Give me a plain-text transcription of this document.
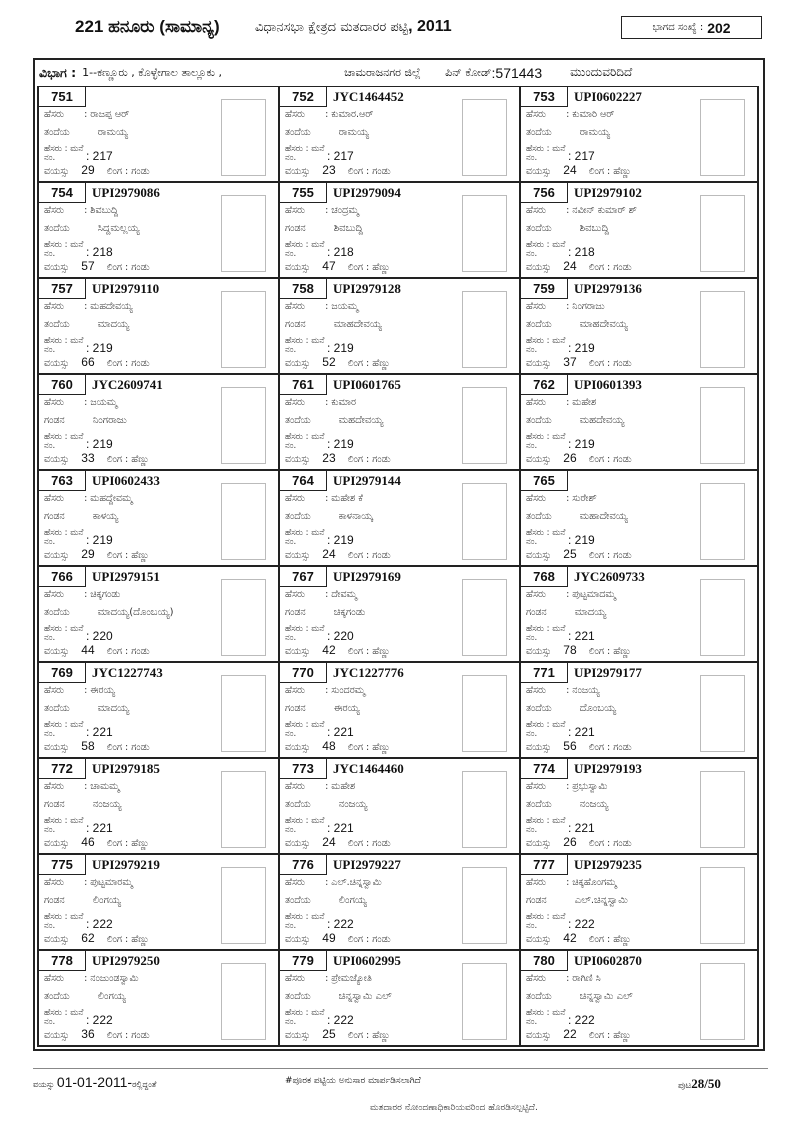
221 ಹನೂರು (ಸಾಮಾನ್ಯ)	ವಿಧಾನಸಭಾ ಕ್ಷೇತ್ರದ ಮತದಾರರ ಪಟ್ಟಿ, 2011	ಭಾಗದ ಸಂಖ್ಯೆ : 202
ವಿಭಾಗ : 1--ಕಣ್ಣೂರು , ಕೊಳ್ಳೇಗಾಲ ತಾಲ್ಲೂಕು ,	ಚಾಮರಾಜನಗರ ಜಿಲ್ಲೆ	ಪಿನ್ ಕೋಡ್ :571443 ಮುಂದುವರಿದಿದೆ
751
ಹೆಸರು : ರಾಜಪ್ಪ ಆರ್
ತಂದೆಯ	ರಾಮಯ್ಯ
ಹೆಸರು : ಮನೆ ನಂ.	: 217
ವಯಸ್ಸು 29 ಲಿಂಗ : ಗಂಡು
752	JYC1464452
ಹೆಸರು : ಕುಮಾರ.ಆರ್
ತಂದೆಯ	ರಾಮಯ್ಯ
ಹೆಸರು : ಮನೆ ನಂ.	: 217
ವಯಸ್ಸು 23 ಲಿಂಗ : ಗಂಡು
753	UPI0602227
ಹೆಸರು : ಕುಮಾರಿ ಆರ್
ತಂದೆಯ	ರಾಮಯ್ಯ
ಹೆಸರು : ಮನೆ ನಂ.	: 217
ವಯಸ್ಸು 24 ಲಿಂಗ : ಹೆಣ್ಣು
754	UPI2979086
ಹೆಸರು : ಶಿವಬುದ್ದಿ
ತಂದೆಯ	ಸಿದ್ದಮಲ್ಲಯ್ಯ
ಹೆಸರು : ಮನೆ ನಂ.	: 218
ವಯಸ್ಸು 57 ಲಿಂಗ : ಗಂಡು
755	UPI2979094
ಹೆಸರು : ಚಂದ್ರಮ್ಮ
ಗಂಡನ	ಶಿವಬುದ್ದಿ
ಹೆಸರು : ಮನೆ ನಂ.	: 218
ವಯಸ್ಸು 47 ಲಿಂಗ : ಹೆಣ್ಣು
756	UPI2979102
ಹೆಸರು : ನವೀನ್ ಕುಮಾರ್ ಶ್
ತಂದೆಯ	ಶಿವಬುದ್ದಿ
ಹೆಸರು : ಮನೆ ನಂ.	: 218
ವಯಸ್ಸು 24 ಲಿಂಗ : ಗಂಡು
757	UPI2979110
ಹೆಸರು : ಮಹದೇವಯ್ಯ
ತಂದೆಯ	ಮಾದಯ್ಯ
ಹೆಸರು : ಮನೆ ನಂ.	: 219
ವಯಸ್ಸು 66 ಲಿಂಗ : ಗಂಡು
758	UPI2979128
ಹೆಸರು : ಜಯಮ್ಮ
ಗಂಡನ	ಮಾಹದೇವಯ್ಯ
ಹೆಸರು : ಮನೆ ನಂ.	: 219
ವಯಸ್ಸು 52 ಲಿಂಗ : ಹೆಣ್ಣು
759	UPI2979136
ಹೆಸರು : ನಿಂಗರಾಜು
ತಂದೆಯ	ಮಾಹದೇವಯ್ಯ
ಹೆಸರು : ಮನೆ ನಂ.	: 219
ವಯಸ್ಸು 37 ಲಿಂಗ : ಗಂಡು
760	JYC2609741
ಹೆಸರು : ಜಯಮ್ಮ
ಗಂಡನ	ನಿಂಗರಾಜು
ಹೆಸರು : ಮನೆ ನಂ.	: 219
ವಯಸ್ಸು 33 ಲಿಂಗ : ಹೆಣ್ಣು
761	UPI0601765
ಹೆಸರು : ಕುಮಾರ
ತಂದೆಯ	ಮಹದೇವಯ್ಯ
ಹೆಸರು : ಮನೆ ನಂ.	: 219
ವಯಸ್ಸು 23 ಲಿಂಗ : ಗಂಡು
762	UPI0601393
ಹೆಸರು : ಮಹೇಶ
ತಂದೆಯ	ಮಹದೇವಯ್ಯ
ಹೆಸರು : ಮನೆ ನಂ.	: 219
ವಯಸ್ಸು 26 ಲಿಂಗ : ಗಂಡು
763	UPI0602433
ಹೆಸರು : ಮಹದ್ದೇವಮ್ಮ
ಗಂಡನ	ಕಾಳಯ್ಯ
ಹೆಸರು : ಮನೆ ನಂ.	: 219
ವಯಸ್ಸು 29 ಲಿಂಗ : ಹೆಣ್ಣು
764	UPI2979144
ಹೆಸರು : ಮಹೇಶ ಕೆ
ತಂದೆಯ	ಕಾಳನಾಯ್ಕ
ಹೆಸರು : ಮನೆ ನಂ.	: 219
ವಯಸ್ಸು 24 ಲಿಂಗ : ಗಂಡು
765
ಹೆಸರು : ಸುರೇಶ್
ತಂದೆಯ	ಮಹಾದೇವಯ್ಯ
ಹೆಸರು : ಮನೆ ನಂ.	: 219
ವಯಸ್ಸು 25 ಲಿಂಗ : ಗಂಡು
766	UPI2979151
ಹೆಸರು : ಚಿಕ್ಕಗಂಡು
ತಂದೆಯ	ಮಾದಯ್ಯ(ದೊಂಬಯ್ಯ)
ಹೆಸರು : ಮನೆ ನಂ.	: 220
ವಯಸ್ಸು 44 ಲಿಂಗ : ಗಂಡು
767	UPI2979169
ಹೆಸರು : ದೇವಮ್ಮ
ಗಂಡನ	ಚಿಕ್ಕಗಂಡು
ಹೆಸರು : ಮನೆ ನಂ.	: 220
ವಯಸ್ಸು 42 ಲಿಂಗ : ಹೆಣ್ಣು
768	JYC2609733
ಹೆಸರು : ಪುಟ್ಟಮಾದಮ್ಮ
ಗಂಡನ	ಮಾದಯ್ಯ
ಹೆಸರು : ಮನೆ ನಂ.	: 221
ವಯಸ್ಸು 78 ಲಿಂಗ : ಹೆಣ್ಣು
769	JYC1227743
ಹೆಸರು : ಈರಯ್ಯ
ತಂದೆಯ	ಮಾದಯ್ಯ
ಹೆಸರು : ಮನೆ ನಂ.	: 221
ವಯಸ್ಸು 58 ಲಿಂಗ : ಗಂಡು
770	JYC1227776
ಹೆಸರು : ಸುಂದರಮ್ಮ
ಗಂಡನ	ಈರಯ್ಯ
ಹೆಸರು : ಮನೆ ನಂ.	: 221
ವಯಸ್ಸು 48 ಲಿಂಗ : ಹೆಣ್ಣು
771	UPI2979177
ಹೆಸರು : ನಂಜಯ್ಯ
ತಂದೆಯ	ದೊಂಬಯ್ಯ
ಹೆಸರು : ಮನೆ ನಂ.	: 221
ವಯಸ್ಸು 56 ಲಿಂಗ : ಗಂಡು
772	UPI2979185
ಹೆಸರು : ಚಾಮಮ್ಮ
ಗಂಡನ	ನಂಜಯ್ಯ
ಹೆಸರು : ಮನೆ ನಂ.	: 221
ವಯಸ್ಸು 46 ಲಿಂಗ : ಹೆಣ್ಣು
773	JYC1464460
ಹೆಸರು : ಮಹೇಶ
ತಂದೆಯ	ನಂಜಯ್ಯ
ಹೆಸರು : ಮನೆ ನಂ.	: 221
ವಯಸ್ಸು 24 ಲಿಂಗ : ಗಂಡು
774	UPI2979193
ಹೆಸರು : ಪ್ರಭುಸ್ವಾಮಿ
ತಂದೆಯ	ನಂಜಯ್ಯ
ಹೆಸರು : ಮನೆ ನಂ.	: 221
ವಯಸ್ಸು 26 ಲಿಂಗ : ಗಂಡು
775	UPI2979219
ಹೆಸರು : ಪುಟ್ಟಮಾರಮ್ಮ
ಗಂಡನ	ಲಿಂಗಯ್ಯ
ಹೆಸರು : ಮನೆ ನಂ.	: 222
ವಯಸ್ಸು 62 ಲಿಂಗ : ಹೆಣ್ಣು
776	UPI2979227
ಹೆಸರು : ಎಲ್.ಚಿನ್ನಸ್ವಾಮಿ
ತಂದೆಯ	ಲಿಂಗಯ್ಯ
ಹೆಸರು : ಮನೆ ನಂ.	: 222
ವಯಸ್ಸು 49 ಲಿಂಗ : ಗಂಡು
777	UPI2979235
ಹೆಸರು : ಚಿಕ್ಕಹೊಂಗಮ್ಮ
ಗಂಡನ	ಎಲ್.ಚಿನ್ನಸ್ವಾಮಿ
ಹೆಸರು : ಮನೆ ನಂ.	: 222
ವಯಸ್ಸು 42 ಲಿಂಗ : ಹೆಣ್ಣು
778	UPI2979250
ಹೆಸರು : ನಂಜುಂಡಸ್ವಾಮಿ
ತಂದೆಯ	ಲಿಂಗಯ್ಯ
ಹೆಸರು : ಮನೆ ನಂ.	: 222
ವಯಸ್ಸು 36 ಲಿಂಗ : ಗಂಡು
779	UPI0602995
ಹೆಸರು : ಪ್ರೇಮಜ್ಯೋತಿ
ತಂದೆಯ	ಚಿನ್ನಸ್ವಾಮಿ ಎಲ್
ಹೆಸರು : ಮನೆ ನಂ.	: 222
ವಯಸ್ಸು 25 ಲಿಂಗ : ಹೆಣ್ಣು
780	UPI0602870
ಹೆಸರು : ರಾಗಿಣಿ ಸಿ
ತಂದೆಯ	ಚಿನ್ನಸ್ವಾಮಿ ಎಲ್
ಹೆಸರು : ಮನೆ ನಂ.	: 222
ವಯಸ್ಸು 22 ಲಿಂಗ : ಹೆಣ್ಣು
ವಯಸ್ಸು 01-01-2011-ರಲ್ಲಿದ್ದಂತೆ	#ಪೂರಕ ಪಟ್ಟಿಯ ಅನುಸಾರ ಮಾರ್ಪಡಿಸಲಾಗಿದೆ	ಪುಟ28/50
ಮತದಾರರ ನೋಂದಣಾಧಿಕಾರಿಯವರಿಂದ ಹೊರಡಿಸಲ್ಪಟ್ಟಿದೆ.
